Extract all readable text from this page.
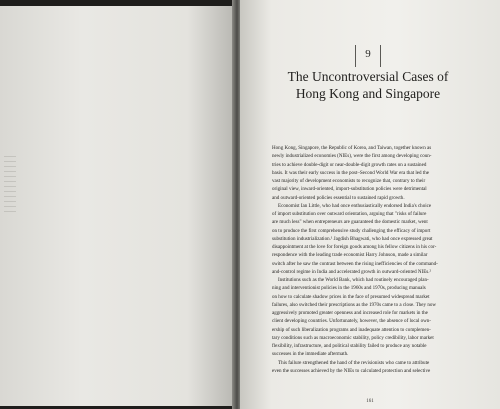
9
The Uncontroversial Cases of
Hong Kong and Singapore
Hong Kong, Singapore, the Republic of Korea, and Taiwan, together known as
newly industrialized economies (NIEs), were the first among developing coun-
tries to achieve double-digit or near-double-digit growth rates on a sustained
basis. It was their early success in the post–Second World War era that led the
vast majority of development economists to recognize that, contrary to their
original view, inward-oriented, import-substitution policies were detrimental
and outward-oriented policies essential to sustained rapid growth.
Economist Ian Little, who had once enthusiastically endorsed India's choice
of import substitution over outward orientation, arguing that "risks of failure
are much less" when entrepreneurs are guaranteed the domestic market, went
on to produce the first comprehensive study challenging the efficacy of import
substitution industrialization.¹ Jagdish Bhagwati, who had once expressed great
disappointment at the love for foreign goods among his fellow citizens in his cor-
respondence with the leading trade economist Harry Johnson, made a similar
switch after he saw the contrast between the rising inefficiencies of the command-
and-control regime in India and accelerated growth in outward-oriented NIEs.²
Institutions such as the World Bank, which had routinely encouraged plan-
ning and interventionist policies in the 1960s and 1970s, producing manuals
on how to calculate shadow prices in the face of presumed widespread market
failures, also switched their prescriptions as the 1970s came to a close. They now
aggressively promoted greater openness and increased role for markets in the
client developing countries. Unfortunately, however, the absence of local own-
ership of such liberalization programs and inadequate attention to complemen-
tary conditions such as macroeconomic stability, policy credibility, labor market
flexibility, infrastructure, and political stability failed to produce any notable
successes in the immediate aftermath.
This failure strengthened the hand of the revisionists who came to attribute
even the successes achieved by the NIEs to calculated protection and selective
161
